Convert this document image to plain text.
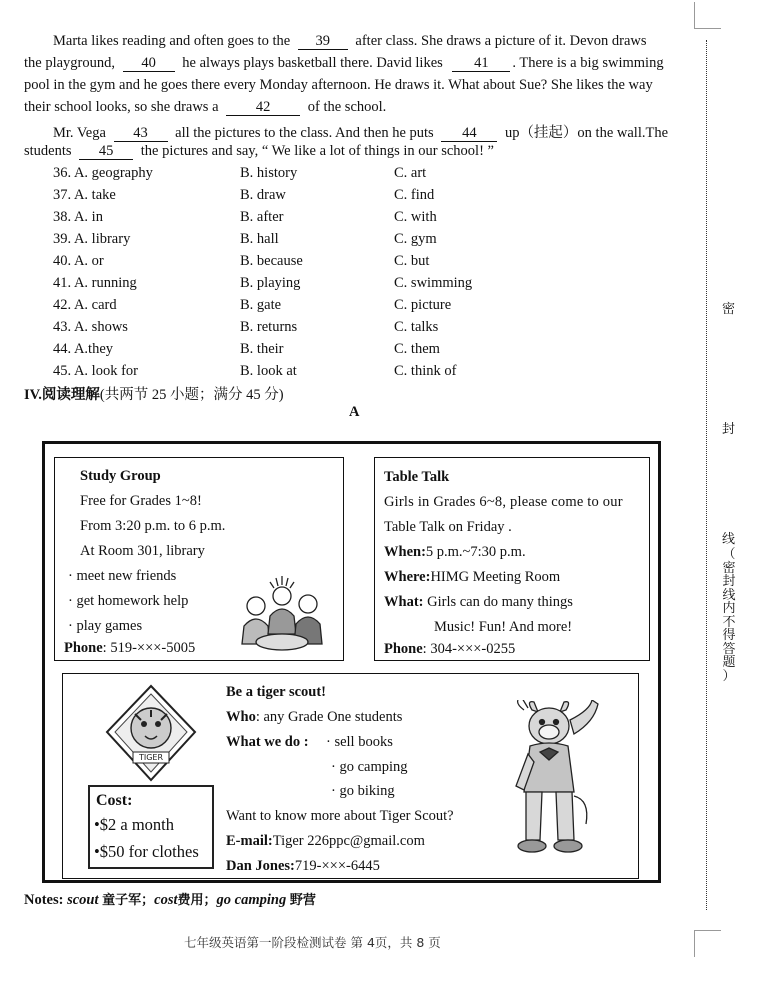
密
封
线
（
密
封
线
内
不
得
答
题
）
Marta likes reading and often goes to the 39 after class. She draws a picture of it. Devon draws
the playground, 40 he always plays basketball there. David likes 41 . There is a big swimming
pool in the gym and he goes there every Monday afternoon. He draws it. What about Sue? She likes the way
their school looks, so she draws a	42	of the school.
Mr. Vega 43 all the pictures to the class. And then he puts 44 up（挂起）on the wall.The
students 45 the pictures and say, “ We like a lot of things in our school! ”
36. A. geography	B. history	C. art
37. A. take	B. draw	C. find
38. A. in	B. after	C. with
39. A. library	B. hall	C. gym
40. A. or	B. because	C. but
41. A. running	B. playing	C. swimming
42. A. card	B. gate	C. picture
43. A. shows	B. returns	C. talks
44. A.they	B. their	C. them
45. A. look for	B. look at	C. think of
IV.阅读理解(共两节 25 小题；满分 45 分)
A
Study Group
Free for Grades 1~8!
From 3:20 p.m. to 6 p.m.
At Room 301, library
· meet new friends
· get homework help
· play games
Phone: 519-×××-5005
Table Talk
Girls in Grades 6~8, please come to our
Table Talk on Friday .
When:5 p.m.~7:30 p.m.
Where:HIMG Meeting Room
What: Girls can do many things
Music! Fun! And more!
Phone: 304-×××-0255
TIGER
Cost:
•$2 a month
•$50 for clothes
Be a tiger scout!
Who: any Grade One students
What we do : · sell books
· go camping
· go biking
Want to know more about Tiger Scout?
E-mail:Tiger 226ppc@gmail.com
Dan Jones:719-×××-6445
Notes: scout 童子军；cost费用；go camping 野营
七年级英语第一阶段检测试卷 第 4页，共 8 页
